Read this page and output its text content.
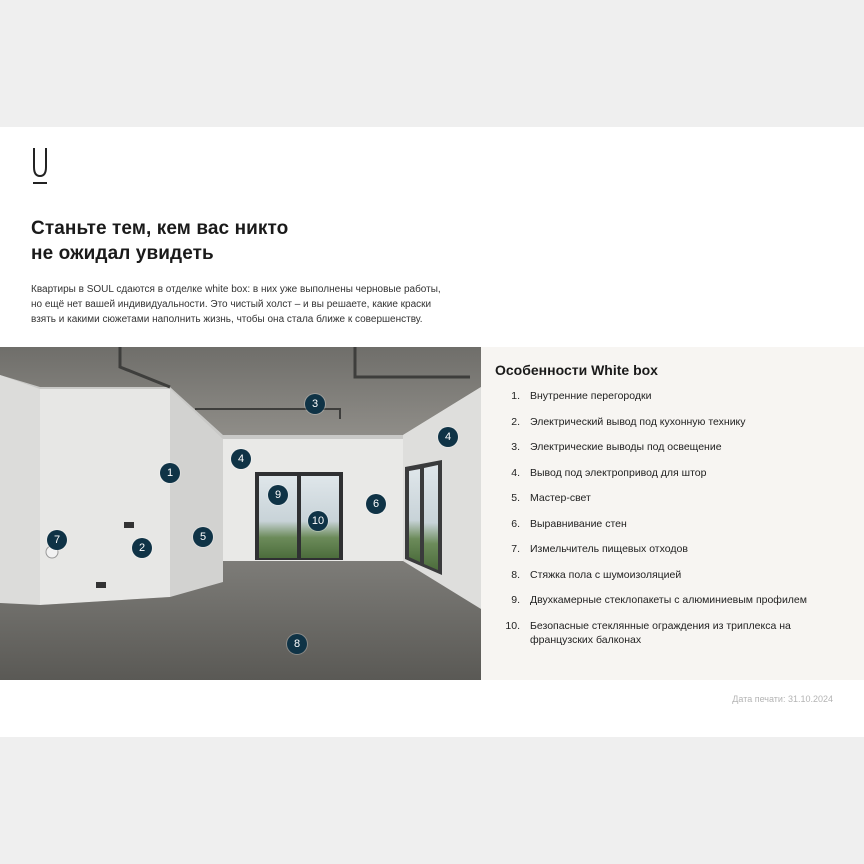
Станьте тем, кем вас никто
не ожидал увидеть
Квартиры в SOUL сдаются в отделке white box: в них уже выполнены черновые работы,
но ещё нет вашей индивидуальности. Это чистый холст – и вы решаете, какие краски
взять и какими сюжетами наполнить жизнь, чтобы она стала ближе к совершенству.
1
2
3
4
4
5
6
7
8
9
10
Особенности White box
1. Внутренние перегородки
2. Электрический вывод под кухонную технику
3. Электрические выводы под освещение
4. Вывод под электропривод для штор
5. Мастер-свет
6. Выравнивание стен
7. Измельчитель пищевых отходов
8. Стяжка пола с шумоизоляцией
9. Двухкамерные стеклопакеты с алюминиевым профилем
10. Безопасные стеклянные ограждения из триплекса на французских балконах
Дата печати: 31.10.2024
